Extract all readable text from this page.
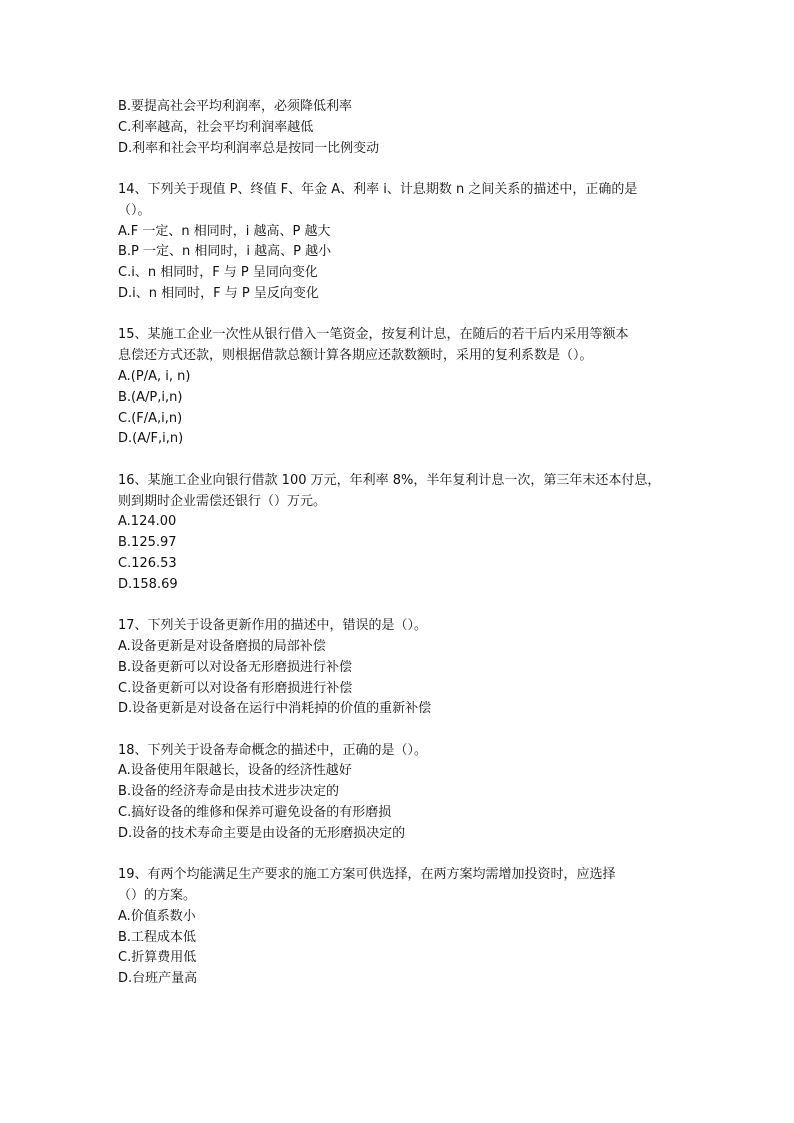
B.要提高社会平均利润率，必须降低利率
C.利率越高，社会平均利润率越低
D.利率和社会平均利润率总是按同一比例变动
14、下列关于现值 P、终值 F、年金 A、利率 i、计息期数 n 之间关系的描述中，正确的是
（）。
A.F 一定、n 相同时，i 越高、P 越大
B.P 一定、n 相同时，i 越高、P 越小
C.i、n 相同时，F 与 P 呈同向变化
D.i、n 相同时，F 与 P 呈反向变化
15、某施工企业一次性从银行借入一笔资金，按复利计息，在随后的若干后内采用等额本
息偿还方式还款，则根据借款总额计算各期应还款数额时，采用的复利系数是（）。
A.(P/A, i, n)
B.(A/P,i,n)
C.(F/A,i,n)
D.(A/F,i,n)
16、某施工企业向银行借款 100 万元，年利率 8%，半年复利计息一次，第三年末还本付息，
则到期时企业需偿还银行（）万元。
A.124.00
B.125.97
C.126.53
D.158.69
17、下列关于设备更新作用的描述中，错误的是（）。
A.设备更新是对设备磨损的局部补偿
B.设备更新可以对设备无形磨损进行补偿
C.设备更新可以对设备有形磨损进行补偿
D.设备更新是对设备在运行中消耗掉的价值的重新补偿
18、下列关于设备寿命概念的描述中，正确的是（）。
A.设备使用年限越长，设备的经济性越好
B.设备的经济寿命是由技术进步决定的
C.搞好设备的维修和保养可避免设备的有形磨损
D.设备的技术寿命主要是由设备的无形磨损决定的
19、有两个均能满足生产要求的施工方案可供选择，在两方案均需增加投资时，应选择
（）的方案。
A.价值系数小
B.工程成本低
C.折算费用低
D.台班产量高
